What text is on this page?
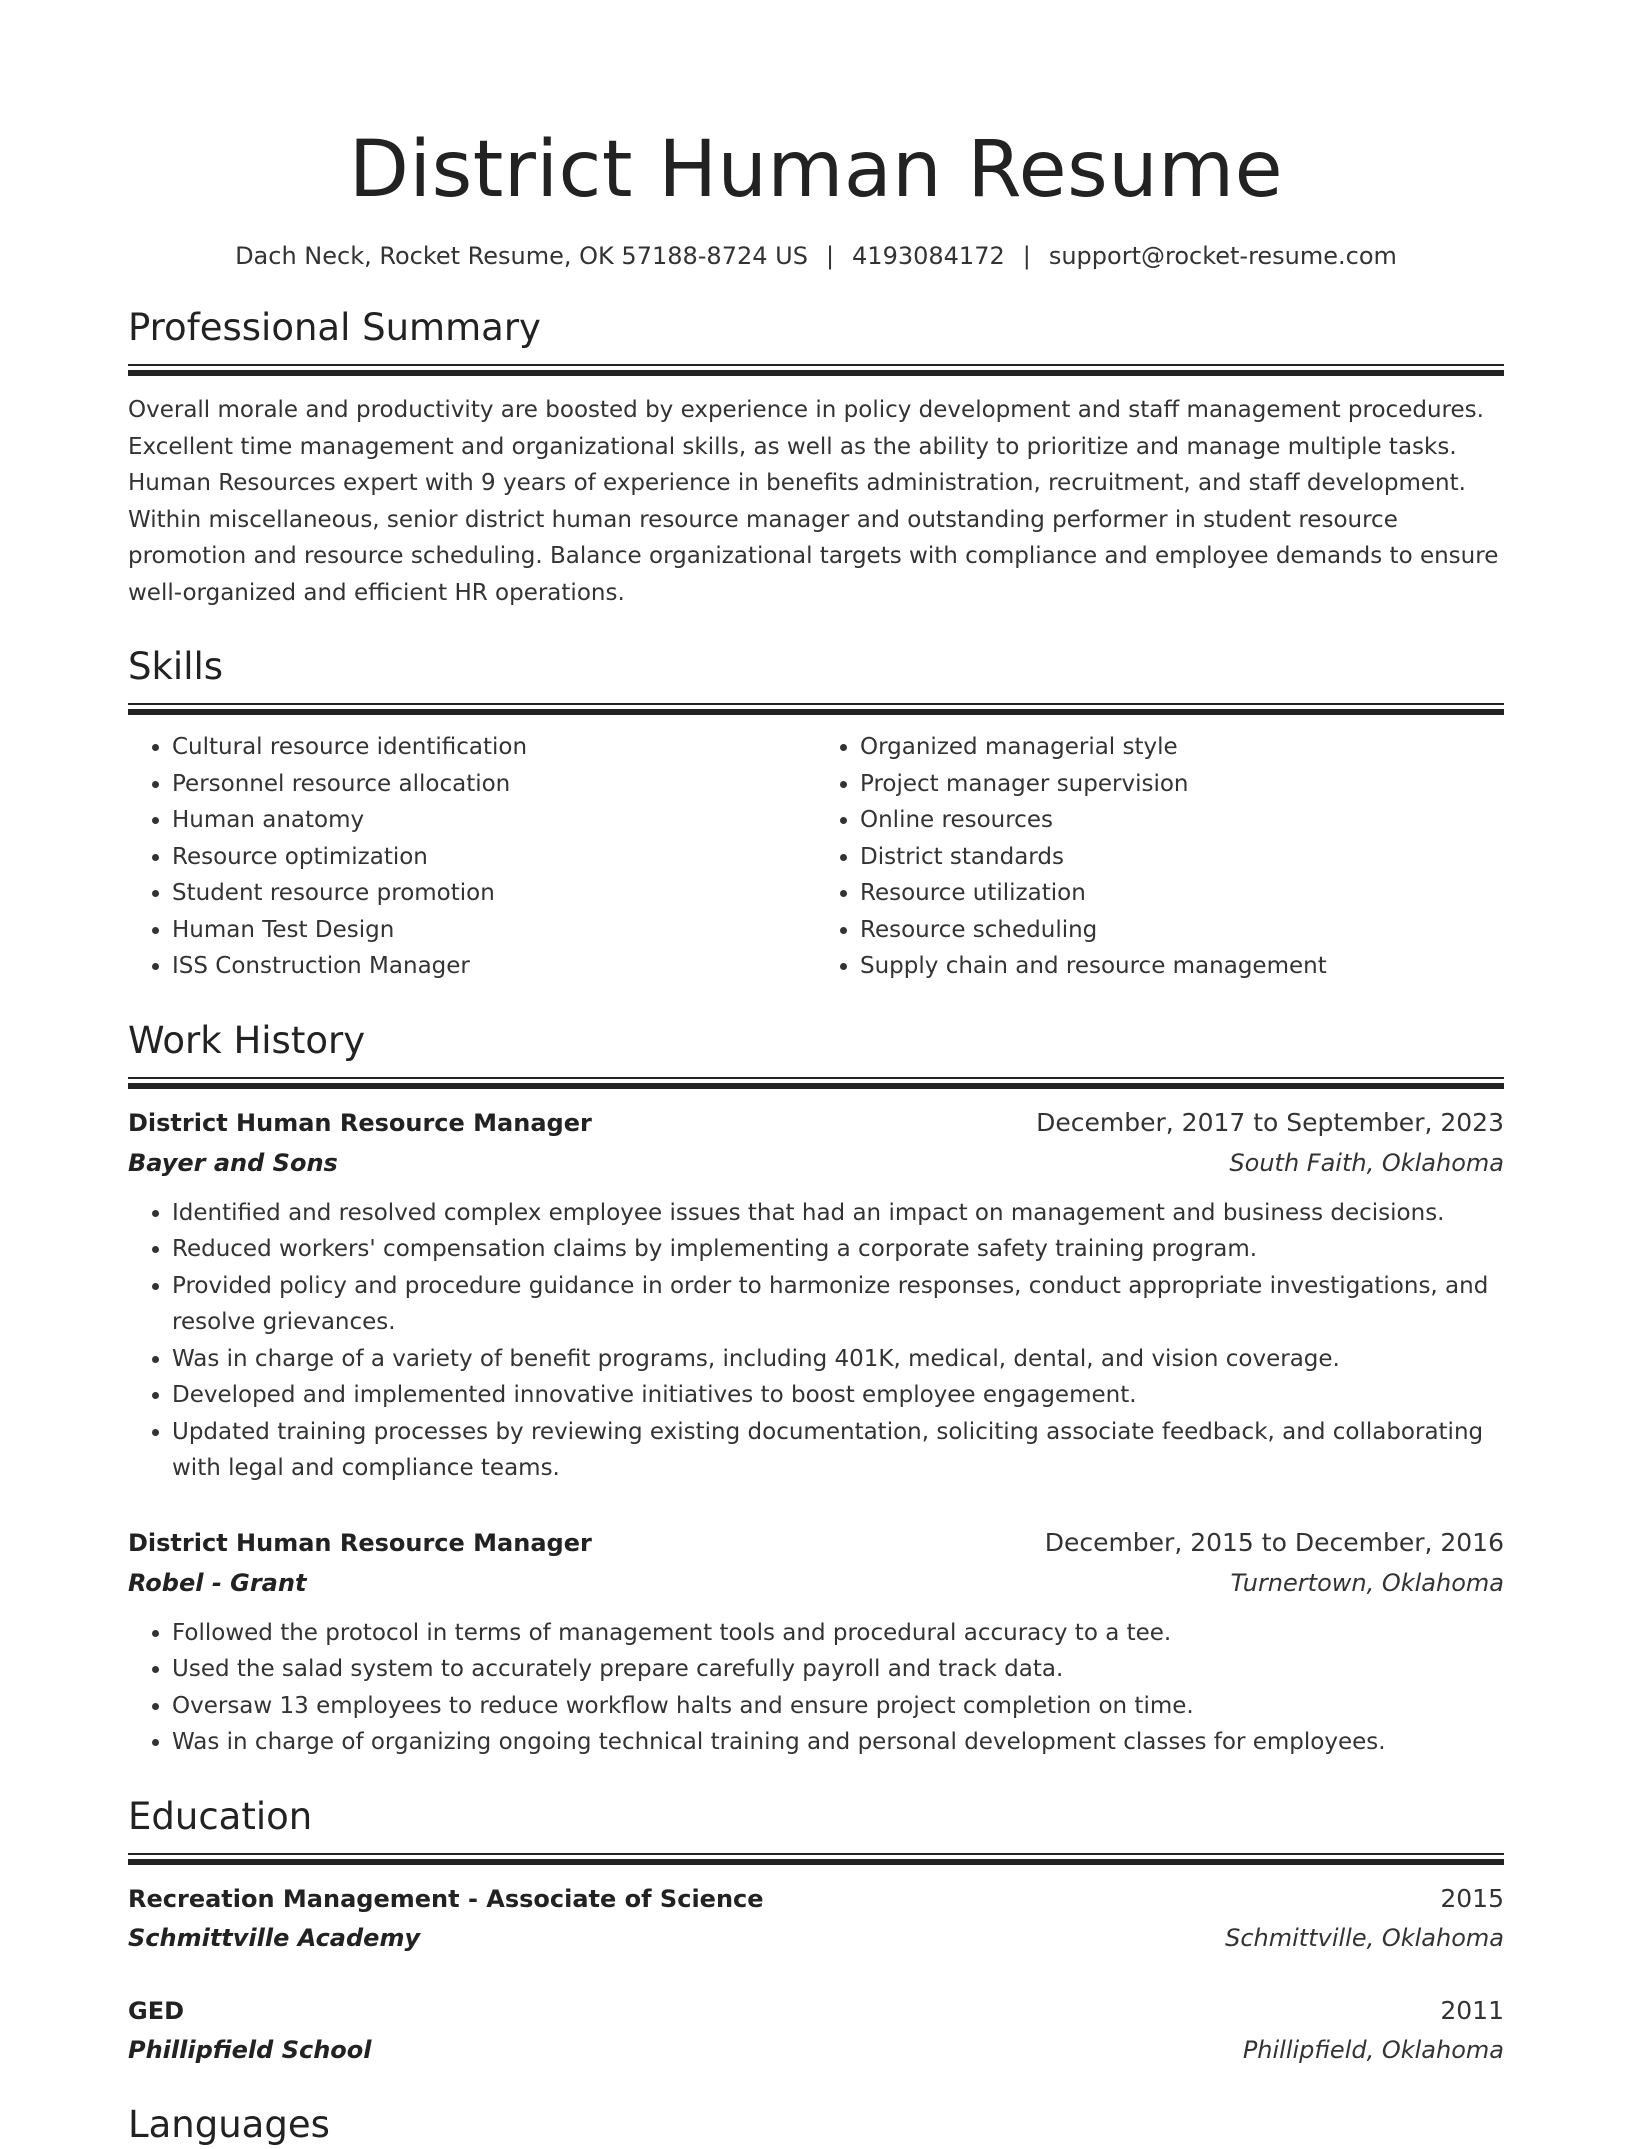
District Human Resume
Dach Neck, Rocket Resume, OK 57188-8724 US | 4193084172 | support@rocket-resume.com
Professional Summary

Overall morale and productivity are boosted by experience in policy development and staff management procedures. Excellent time management and organizational skills, as well as the ability to prioritize and manage multiple tasks. Human Resources expert with 9 years of experience in benefits administration, recruitment, and staff development. Within miscellaneous, senior district human resource manager and outstanding performer in student resource promotion and resource scheduling. Balance organizational targets with compliance and employee demands to ensure well-organized and efficient HR operations.

Skills
• Cultural resource identification
• Personnel resource allocation
• Human anatomy
• Resource optimization
• Student resource promotion
• Human Test Design
• ISS Construction Manager
• Organized managerial style
• Project manager supervision
• Online resources
• District standards
• Resource utilization
• Resource scheduling
• Supply chain and resource management
Work History
District Human Resource Manager	December, 2017 to September, 2023
Bayer and Sons	South Faith, Oklahoma
• Identified and resolved complex employee issues that had an impact on management and business decisions.
• Reduced workers' compensation claims by implementing a corporate safety training program.
• Provided policy and procedure guidance in order to harmonize responses, conduct appropriate investigations, and resolve grievances.
• Was in charge of a variety of benefit programs, including 401K, medical, dental, and vision coverage.
• Developed and implemented innovative initiatives to boost employee engagement.
• Updated training processes by reviewing existing documentation, soliciting associate feedback, and collaborating with legal and compliance teams.
District Human Resource Manager	December, 2015 to December, 2016
Robel - Grant	Turnertown, Oklahoma
• Followed the protocol in terms of management tools and procedural accuracy to a tee.
• Used the salad system to accurately prepare carefully payroll and track data.
• Oversaw 13 employees to reduce workflow halts and ensure project completion on time.
• Was in charge of organizing ongoing technical training and personal development classes for employees.
Education
Recreation Management - Associate of Science	2015
Schmittville Academy	Schmittville, Oklahoma
GED	2011
Phillipfield School	Phillipfield, Oklahoma
Languages
